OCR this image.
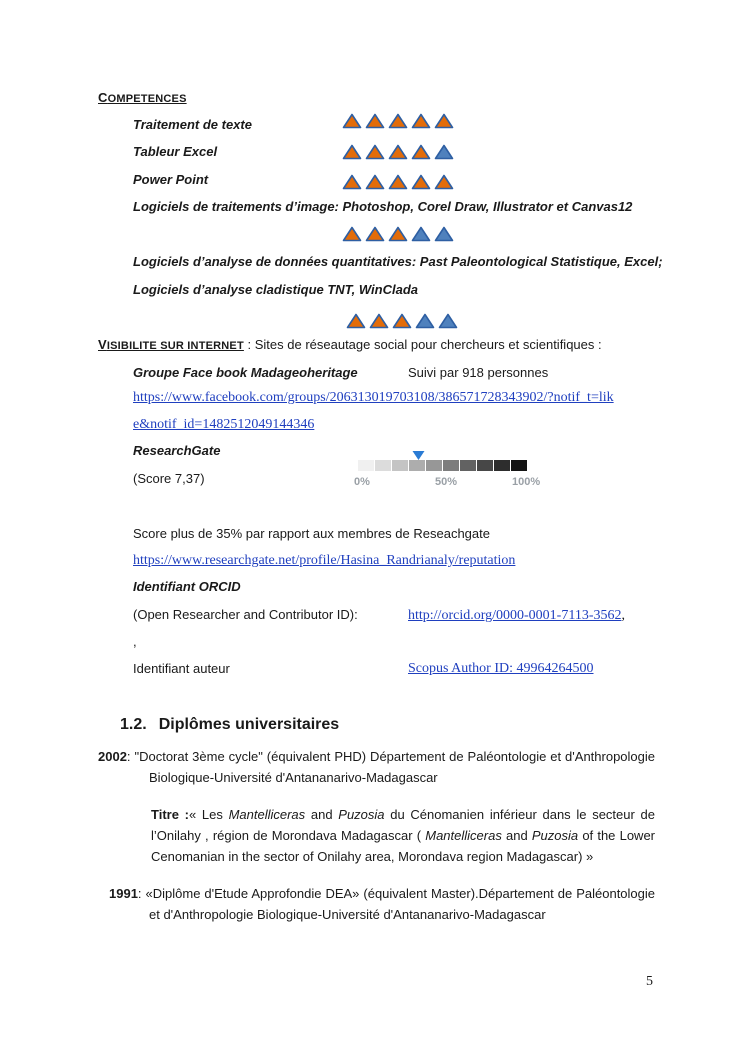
COMPETENCES
Traitement de texte
Tableur Excel
Power Point
Logiciels de traitements d’image: Photoshop, Corel Draw, Illustrator et Canvas12
Logiciels d’analyse de données quantitatives: Past Paleontological Statistique, Excel;
Logiciels d’analyse cladistique TNT, WinClada
VISIBILITE SUR INTERNET : Sites de réseautage social pour chercheurs et scientifiques :
Groupe Face book Madageoheritage	Suivi par 918 personnes
https://www.facebook.com/groups/206313019703108/386571728343902/?notif_t=lik
e&notif_id=1482512049144346
ResearchGate
(Score 7,37)	0%	50%	100%
Score plus de 35% par rapport aux membres de Reseachgate
https://www.researchgate.net/profile/Hasina_Randrianaly/reputation
Identifiant ORCID
(Open Researcher and Contributor ID):	http://orcid.org/0000-0001-7113-3562,
,
Identifiant auteur	Scopus Author ID: 49964264500
1.2. Diplômes universitaires
2002: "Doctorat 3ème cycle" (équivalent PHD) Département de Paléontologie et d'Anthropologie Biologique-Université d'Antananarivo-Madagascar
Titre :« Les Mantelliceras and Puzosia du Cénomanien inférieur dans le secteur de l’Onilahy , région de Morondava Madagascar ( Mantelliceras and Puzosia of the Lower Cenomanian in the sector of Onilahy area, Morondava region Madagascar) »
1991: «Diplôme d'Etude Approfondie DEA» (équivalent Master).Département de Paléontologie et d'Anthropologie Biologique-Université d'Antananarivo-Madagascar
5
